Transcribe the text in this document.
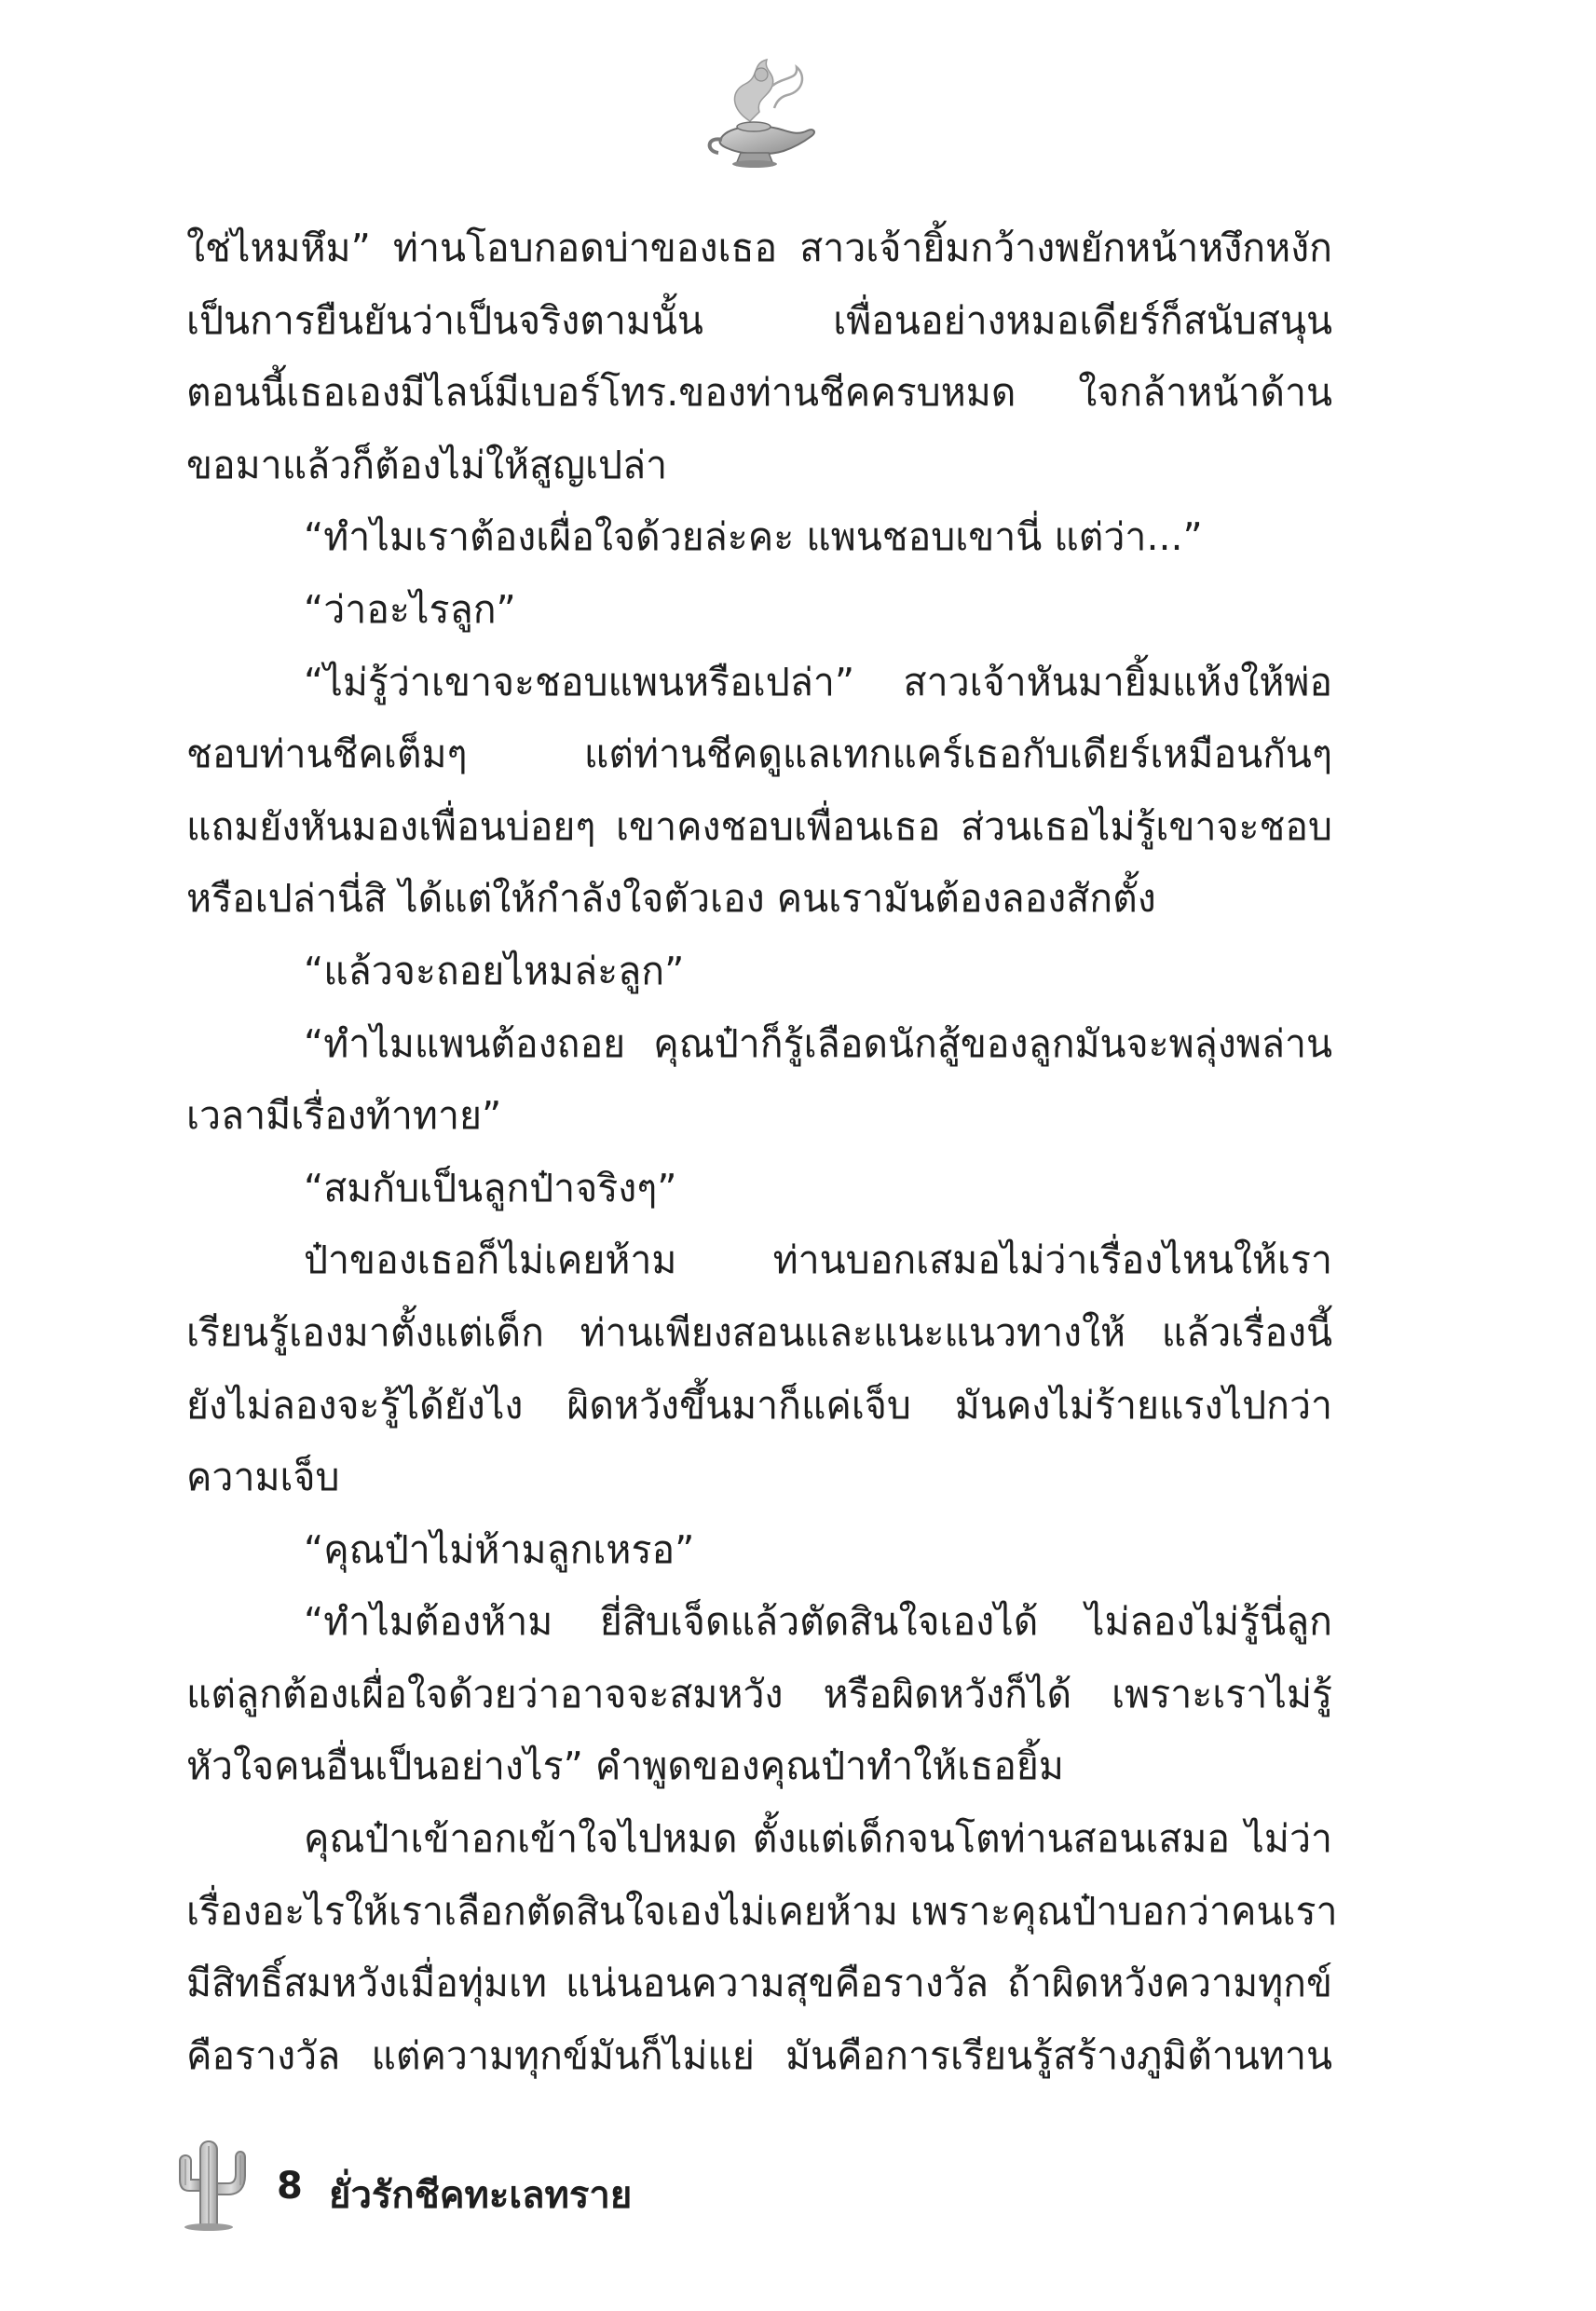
ใช่ไหมหึม” ท่านโอบกอดบ่าของเธอ สาวเจ้ายิ้มกว้างพยักหน้าหงึกหงัก
เป็นการยืนยันว่าเป็นจริงตามนั้น เพื่อนอย่างหมอเดียร์ก็สนับสนุน
ตอนนี้เธอเองมีไลน์มีเบอร์โทร.ของท่านชีคครบหมด ใจกล้าหน้าด้าน
ขอมาแล้วก็ต้องไม่ให้สูญเปล่า
“ทำไมเราต้องเผื่อใจด้วยล่ะคะ แพนชอบเขานี่ แต่ว่า...”
“ว่าอะไรลูก”
“ไม่รู้ว่าเขาจะชอบแพนหรือเปล่า” สาวเจ้าหันมายิ้มแห้งให้พ่อ
ชอบท่านชีคเต็มๆ แต่ท่านชีคดูแลเทกแคร์เธอกับเดียร์เหมือนกันๆ
แถมยังหันมองเพื่อนบ่อยๆ เขาคงชอบเพื่อนเธอ ส่วนเธอไม่รู้เขาจะชอบ
หรือเปล่านี่สิ ได้แต่ให้กำลังใจตัวเอง คนเรามันต้องลองสักตั้ง
“แล้วจะถอยไหมล่ะลูก”
“ทำไมแพนต้องถอย คุณป๋าก็รู้เลือดนักสู้ของลูกมันจะพลุ่งพล่าน
เวลามีเรื่องท้าทาย”
“สมกับเป็นลูกป๋าจริงๆ”
ป๋าของเธอก็ไม่เคยห้าม ท่านบอกเสมอไม่ว่าเรื่องไหนให้เรา
เรียนรู้เองมาตั้งแต่เด็ก ท่านเพียงสอนและแนะแนวทางให้ แล้วเรื่องนี้
ยังไม่ลองจะรู้ได้ยังไง ผิดหวังขึ้นมาก็แค่เจ็บ มันคงไม่ร้ายแรงไปกว่า
ความเจ็บ
“คุณป๋าไม่ห้ามลูกเหรอ”
“ทำไมต้องห้าม ยี่สิบเจ็ดแล้วตัดสินใจเองได้ ไม่ลองไม่รู้นี่ลูก
แต่ลูกต้องเผื่อใจด้วยว่าอาจจะสมหวัง หรือผิดหวังก็ได้ เพราะเราไม่รู้
หัวใจคนอื่นเป็นอย่างไร” คำพูดของคุณป๋าทำให้เธอยิ้ม
คุณป๋าเข้าอกเข้าใจไปหมด ตั้งแต่เด็กจนโตท่านสอนเสมอ ไม่ว่า
เรื่องอะไรให้เราเลือกตัดสินใจเองไม่เคยห้าม เพราะคุณป๋าบอกว่าคนเรา
มีสิทธิ์สมหวังเมื่อทุ่มเท แน่นอนความสุขคือรางวัล ถ้าผิดหวังความทุกข์
คือรางวัล แต่ความทุกข์มันก็ไม่แย่ มันคือการเรียนรู้สร้างภูมิต้านทาน
8 ยั่วรักชีคทะเลทราย
